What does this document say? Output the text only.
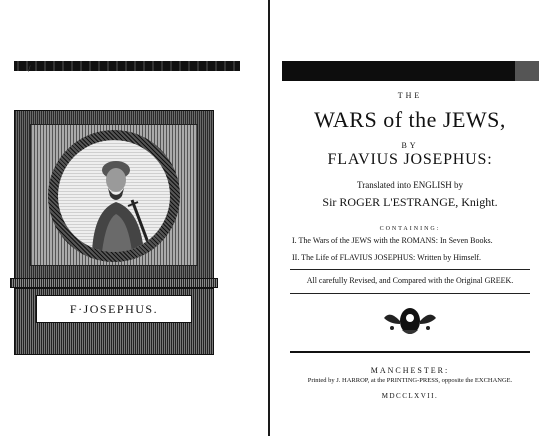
/
F·JOSEPHUS.
THE
WARS of the JEWS,
BY
FLAVIUS JOSEPHUS:
Translated into ENGLISH by
Sir ROGER L'ESTRANGE, Knight.
CONTAINING:
I. The Wars of the JEWS with the ROMANS: In Seven Books.
II. The Life of FLAVIUS JOSEPHUS: Written by Himself.
All carefully Revised, and Compared with the Original GREEK.
MANCHESTER:
Printed by J. HARROP, at the PRINTING-PRESS, opposite the EXCHANGE.
MDCCLXVII.
